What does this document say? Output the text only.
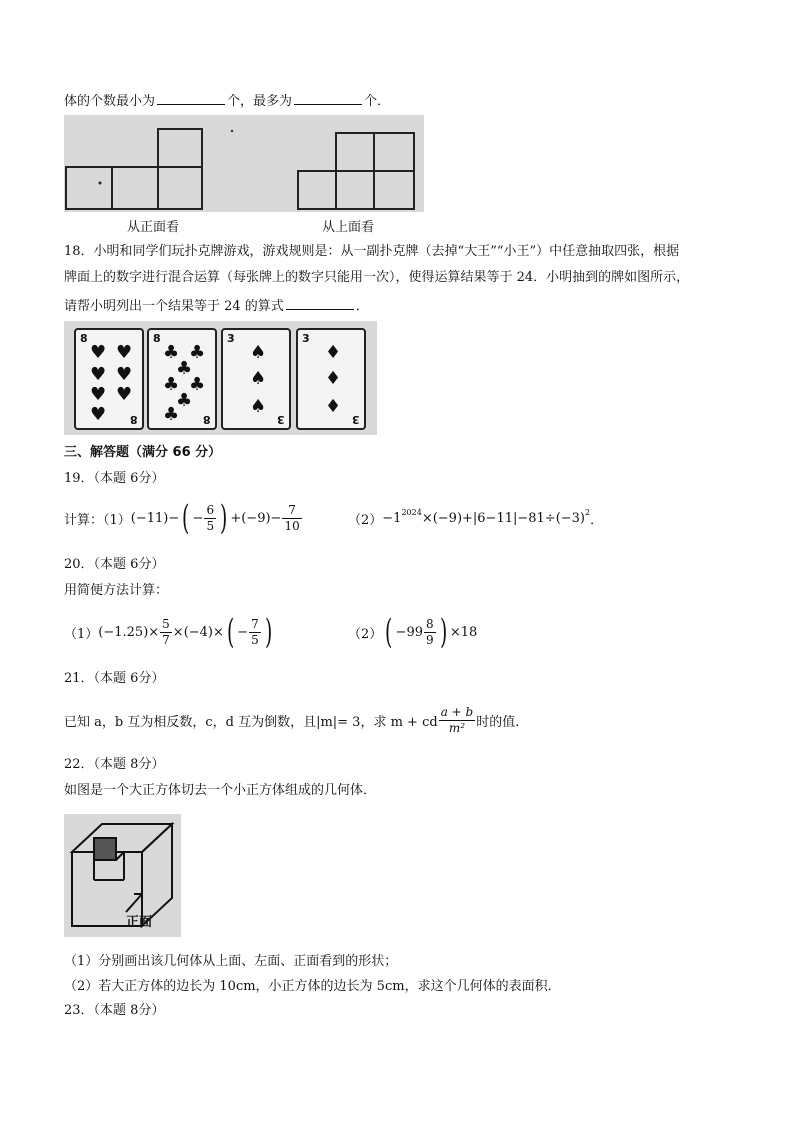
体的个数最小为	个，最多为	个．
从正面看	从上面看
18．小明和同学们玩扑克牌游戏，游戏规则是：从一副扑克牌（去掉“大王”“小王”）中任意抽取四张，根据
牌面上的数字进行混合运算（每张牌上的数字只能用一次），使得运算结果等于 24．小明抽到的牌如图所示，
请帮小明列出一个结果等于 24 的算式	．
8
♥ ♥
♥ ♥
♥ ♥
♥ 8
8
♣ ♣
♣
♣ ♣
♣
♣ 8
3
♠
♠
♠
3
3
♦
♦
♦
3
三、解答题（满分 66 分）
19．（本题 6分）
计算：（1） (−11)− ( − $\frac{6}{5}$ ) $+(-9)- \frac{7}{10}$	$(2) -1^{2024} \times(-9)+|6-11|-81\div(-3)^2$ ．
20．（本题 6分）
用简便方法计算：
（1） $(-1.25)\times \frac{5}{7} \times(-4)\times$ ( − $\frac{7}{5}$ )	（2） ( $-99 \frac{8}{9}$ ) ×18
21．（本题 6分）
已知 a，b 互为相反数，c，d 互为倒数，且|m|= 3，求 m + cd $\frac{a + b}{\text{m²}}$ 时的值．
22．（本题 8分）
如图是一个大正方体切去一个小正方体组成的几何体．
正面
（1）分别画出该几何体从上面、左面、正面看到的形状；
（2）若大正方体的边长为 10cm，小正方体的边长为 5cm，求这个几何体的表面积．
23．（本题 8分）
